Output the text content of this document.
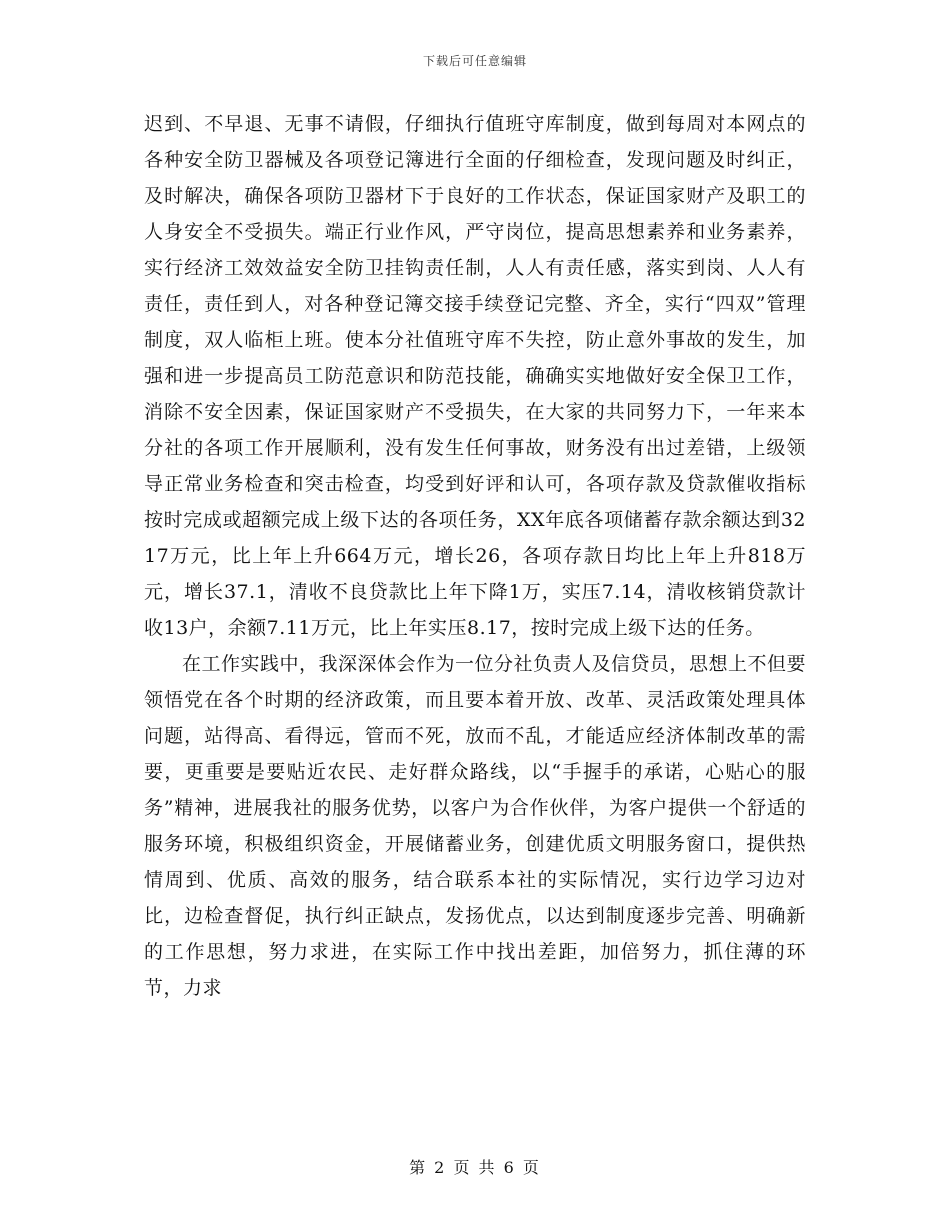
下载后可任意编辑

迟到、不早退、无事不请假，仔细执行值班守库制度，做到每周对本网点的各种安全防卫器械及各项登记簿进行全面的仔细检查，发现问题及时纠正，及时解决，确保各项防卫器材下于良好的工作状态，保证国家财产及职工的人身安全不受损失。端正行业作风，严守岗位，提高思想素养和业务素养，实行经济工效效益安全防卫挂钩责任制，人人有责任感，落实到岗、人人有责任，责任到人，对各种登记簿交接手续登记完整、齐全，实行“四双”管理制度，双人临柜上班。使本分社值班守库不失控，防止意外事故的发生，加强和进一步提高员工防范意识和防范技能，确确实实地做好安全保卫工作，消除不安全因素，保证国家财产不受损失，在大家的共同努力下，一年来本分社的各项工作开展顺利，没有发生任何事故，财务没有出过差错，上级领导正常业务检查和突击检查，均受到好评和认可，各项存款及贷款催收指标按时完成或超额完成上级下达的各项任务，XX年底各项储蓄存款余额达到3217万元，比上年上升664万元，增长26，各项存款日均比上年上升818万元，增长37.1，清收不良贷款比上年下降1万，实压7.14，清收核销贷款计收13户，余额7.11万元，比上年实压8.17，按时完成上级下达的任务。

在工作实践中，我深深体会作为一位分社负责人及信贷员，思想上不但要领悟党在各个时期的经济政策，而且要本着开放、改革、灵活政策处理具体问题，站得高、看得远，管而不死，放而不乱，才能适应经济体制改革的需要，更重要是要贴近农民、走好群众路线，以“手握手的承诺，心贴心的服务”精神，进展我社的服务优势，以客户为合作伙伴，为客户提供一个舒适的服务环境，积极组织资金，开展储蓄业务，创建优质文明服务窗口，提供热情周到、优质、高效的服务，结合联系本社的实际情况，实行边学习边对比，边检查督促，执行纠正缺点，发扬优点，以达到制度逐步完善、明确新的工作思想，努力求进，在实际工作中找出差距，加倍努力，抓住薄的环节，力求

第 2 页 共 6 页
